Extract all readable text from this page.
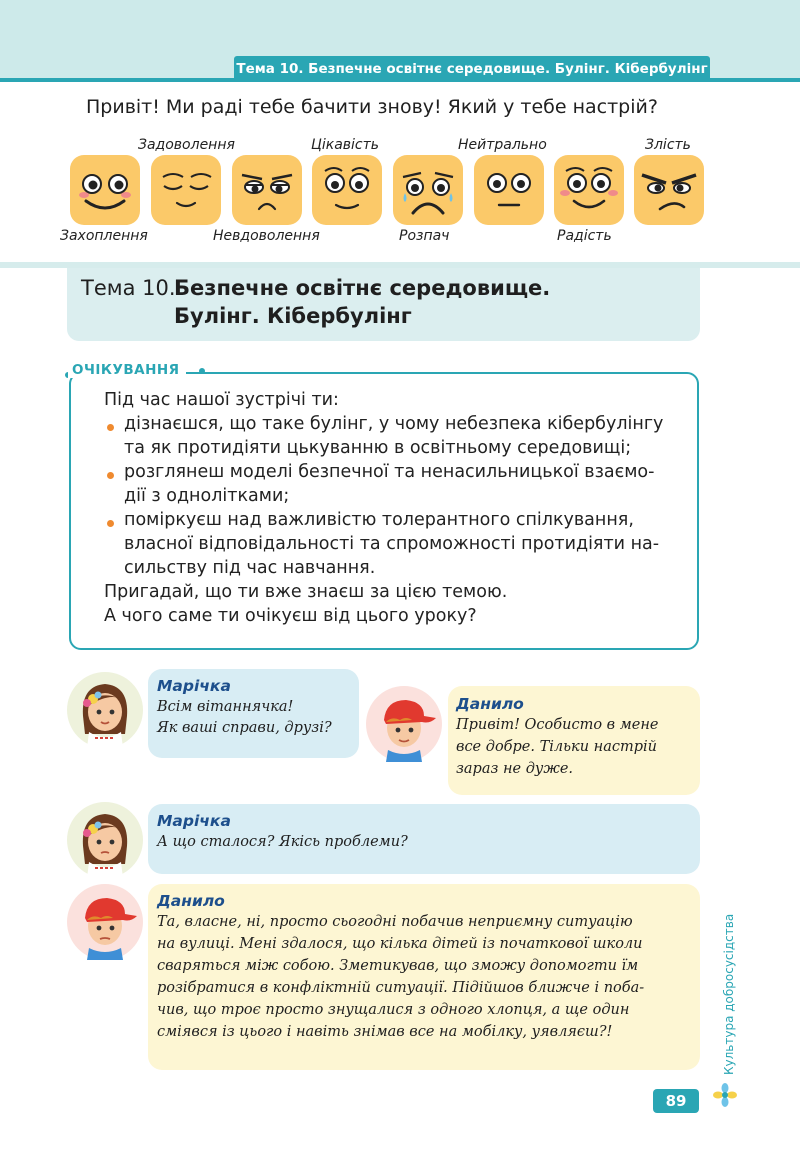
Тема 10. Безпечне освітнє середовище. Булінг. Кібербулінг
Привіт! Ми раді тебе бачити знову! Який у тебе настрій?
Захоплення
Задоволення
Невдоволення
Цікавість
Розпач
Нейтрально
Радість
Злість
Тема 10.
Безпечне освітнє середовище.
Булінг. Кібербулінг
ОЧІКУВАННЯ
Під час нашої зустрічі ти:
дізнаєшся, що таке булінг, у чому небезпека кібербулінгу
та як протидіяти цькуванню в освітньому середовищі;
розглянеш моделі безпечної та ненасильницької взаємо-
дії з однолітками;
поміркуєш над важливістю толерантного спілкування,
власної відповідальності та спроможності протидіяти на-
сильству під час навчання.
Пригадай, що ти вже знаєш за цією темою.
А чого саме ти очікуєш від цього уроку?
Марічка
Всім вітаннячка!
Як ваші справи, друзі?
Данило
Привіт! Особисто в мене
все добре. Тільки настрій
зараз не дуже.
Марічка
А що сталося? Якісь проблеми?
Данило
Та, власне, ні, просто сьогодні побачив неприємну ситуацію
на вулиці. Мені здалося, що кілька дітей із початкової школи
сваряться між собою. Зметикував, що зможу допомогти їм
розібратися в конфліктній ситуації. Підійшов ближче і поба-
чив, що троє просто знущалися з одного хлопця, а ще один
сміявся із цього і навіть знімав все на мобілку, уявляєш?!	Культура добросусідства
89
